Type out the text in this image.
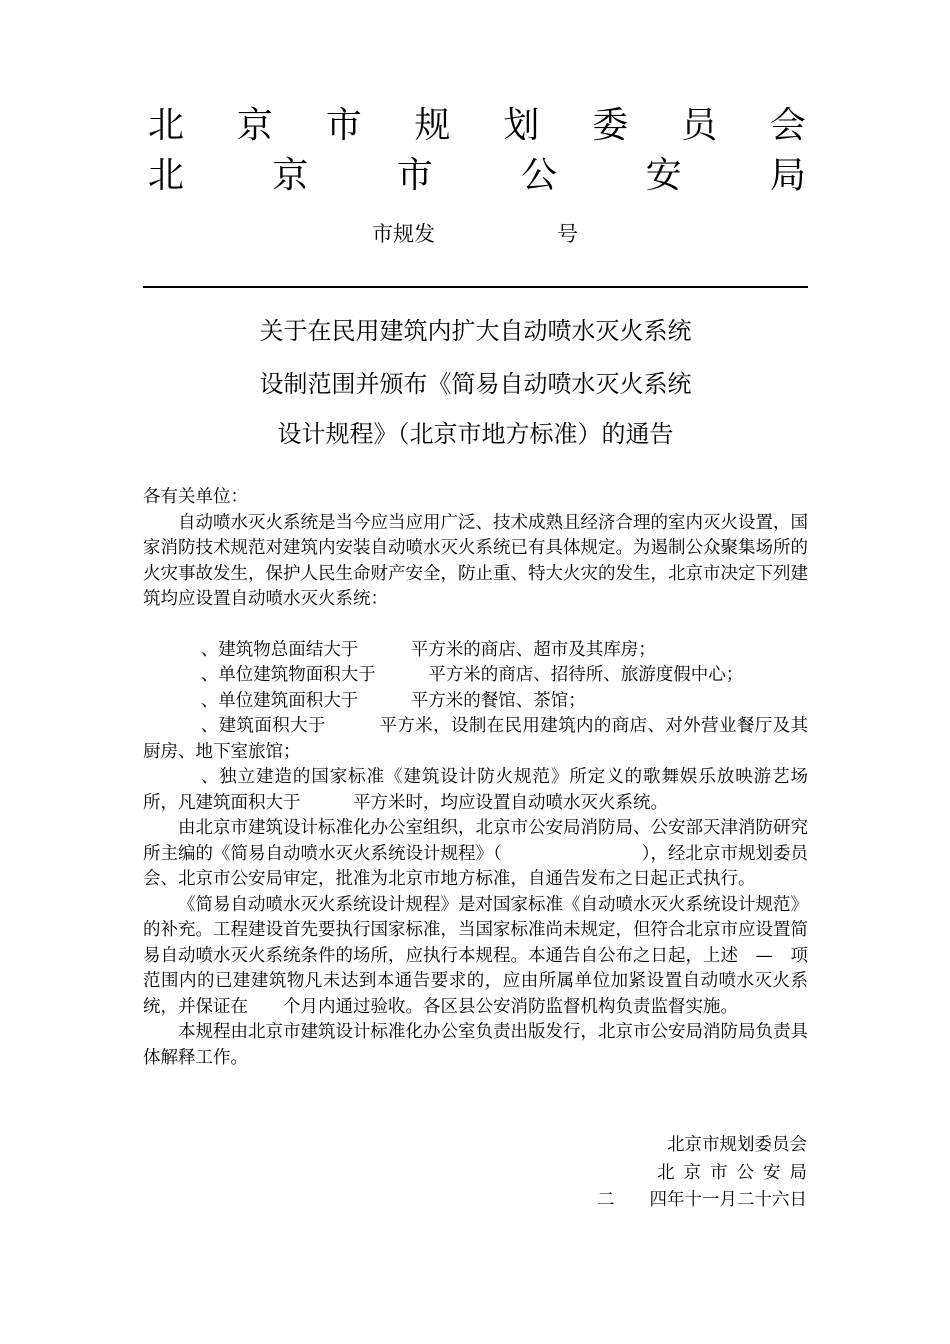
北 京 市 规 划 委 员 会
北 京 市 公 安 局
市规发	号
关于在民用建筑内扩大自动喷水灭火系统
设制范围并颁布《简易自动喷水灭火系统
设计规程》（北京市地方标准）的通告

各有关单位：

自动喷水灭火系统是当今应当应用广泛、技术成熟且经济合理的室内灭火设置，国家消防技术规范对建筑内安装自动喷水灭火系统已有具体规定。为遏制公众聚集场所的火灾事故发生，保护人民生命财产安全，防止重、特大火灾的发生，北京市决定下列建筑均应设置自动喷水灭火系统：

、建筑物总面结大于　　　平方米的商店、超市及其库房；

、单位建筑物面积大于　　　平方米的商店、招待所、旅游度假中心；

、单位建筑面积大于　　　平方米的餐馆、茶馆；

、建筑面积大于　　　平方米，设制在民用建筑内的商店、对外营业餐厅及其厨房、地下室旅馆；

、独立建造的国家标准《建筑设计防火规范》所定义的歌舞娱乐放映游艺场所，凡建筑面积大于　　　平方米时，均应设置自动喷水灭火系统。

由北京市建筑设计标准化办公室组织，北京市公安局消防局、公安部天津消防研究所主编的《简易自动喷水灭火系统设计规程》（　　　　　　　　），经北京市规划委员会、北京市公安局审定，批准为北京市地方标准，自通告发布之日起正式执行。

《简易自动喷水灭火系统设计规程》是对国家标准《自动喷水灭火系统设计规范》的补充。工程建设首先要执行国家标准，当国家标准尚未规定，但符合北京市应设置简易自动喷水灭火系统条件的场所，应执行本规程。本通告自公布之日起，上述　—　项范围内的已建建筑物凡未达到本通告要求的，应由所属单位加紧设置自动喷水灭火系统，并保证在　　个月内通过验收。各区县公安消防监督机构负责监督实施。

本规程由北京市建筑设计标准化办公室负责出版发行，北京市公安局消防局负责具体解释工作。

北京市规划委员会
北京市公安局
二　　四年十一月二十六日
